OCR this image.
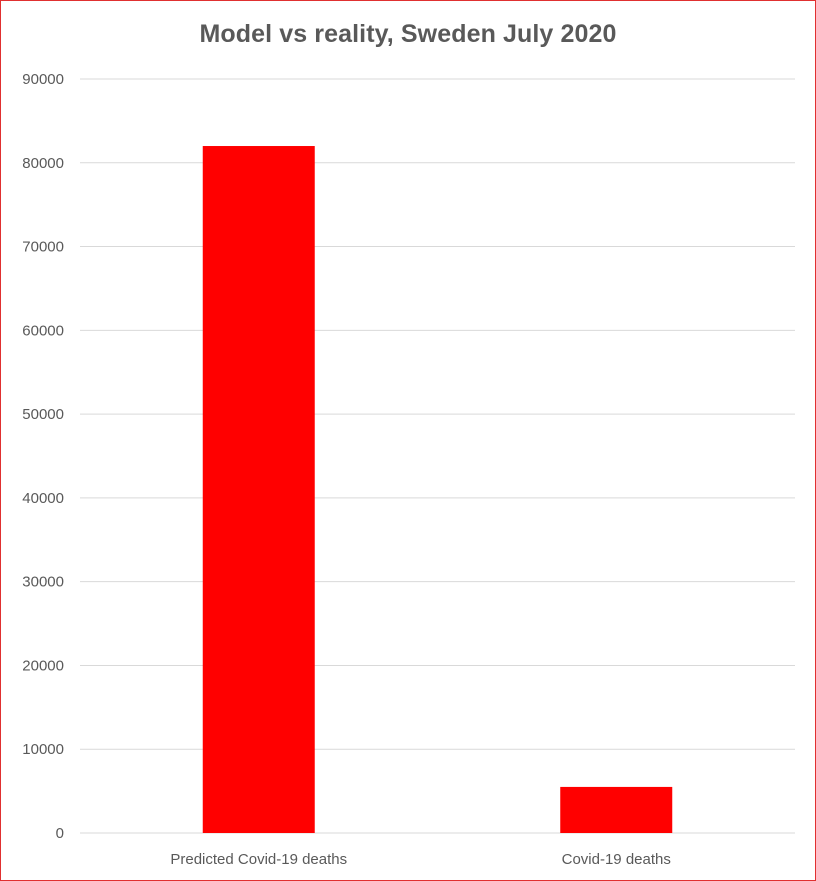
Model vs reality, Sweden July 2020
0
10000
20000
30000
40000
50000
60000
70000
80000
90000
Predicted Covid-19 deaths	Covid-19 deaths
